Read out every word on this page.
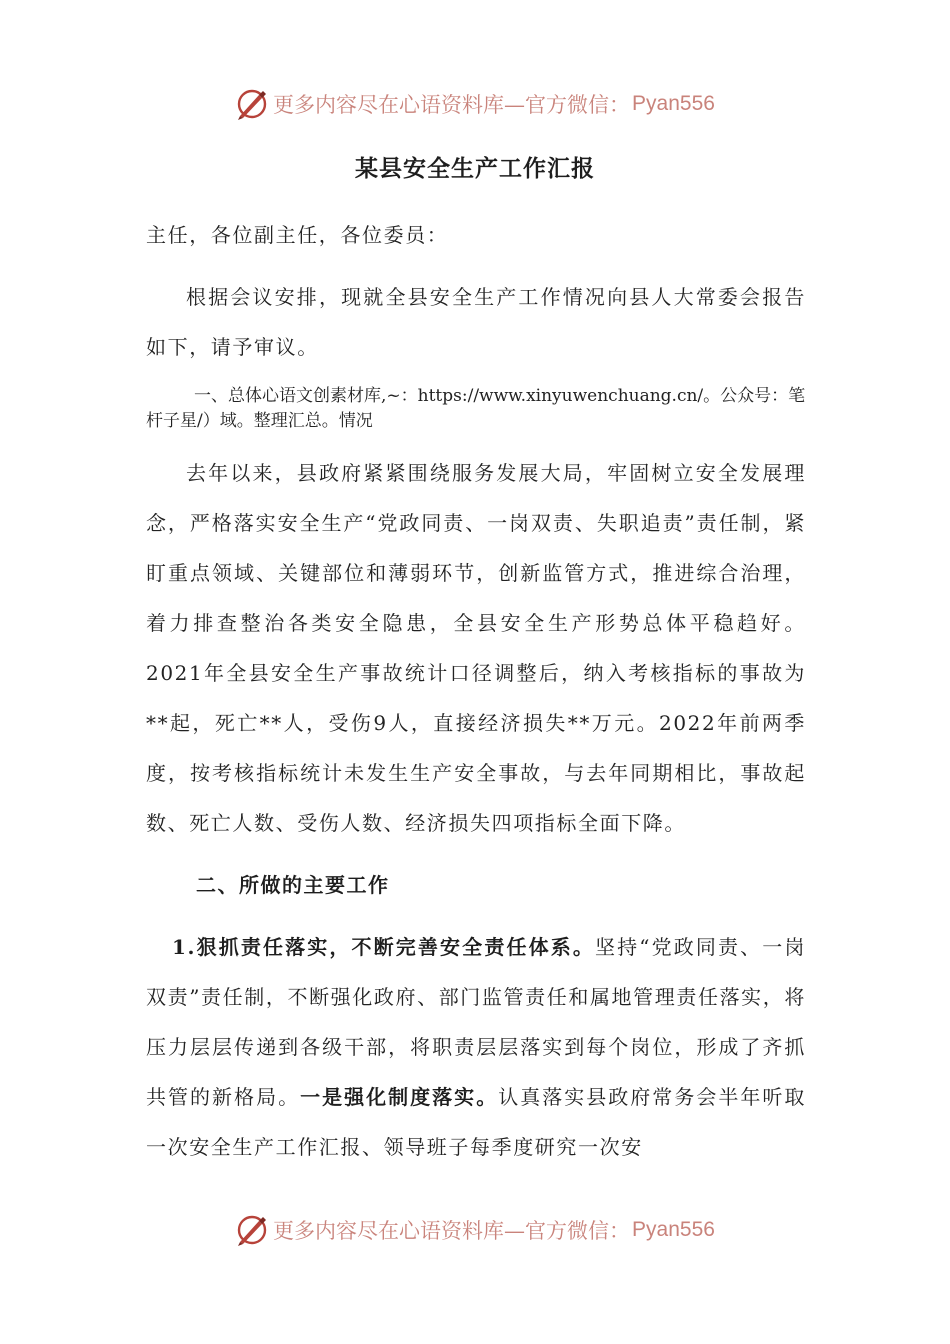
更多内容尽在心语资料库—官方微信： Pyan556
某县安全生产工作汇报
主任，各位副主任，各位委员：
根据会议安排，现就全县安全生产工作情况向县人大常委会报告如下，请予审议。
一、总体心语文创素材库,~：https://www.xinyuwenchuang.cn/。公众号：笔杆子星/）域。整理汇总。情况
去年以来，县政府紧紧围绕服务发展大局，牢固树立安全发展理念，严格落实安全生产“党政同责、一岗双责、失职追责”责任制，紧盯重点领域、关键部位和薄弱环节，创新监管方式，推进综合治理，着力排查整治各类安全隐患，全县安全生产形势总体平稳趋好。2021年全县安全生产事故统计口径调整后，纳入考核指标的事故为**起，死亡**人，受伤9人，直接经济损失**万元。2022年前两季度，按考核指标统计未发生生产安全事故，与去年同期相比，事故起数、死亡人数、受伤人数、经济损失四项指标全面下降。
二、所做的主要工作
1.狠抓责任落实，不断完善安全责任体系。坚持“党政同责、一岗双责”责任制，不断强化政府、部门监管责任和属地管理责任落实，将压力层层传递到各级干部，将职责层层落实到每个岗位，形成了齐抓共管的新格局。一是强化制度落实。认真落实县政府常务会半年听取一次安全生产工作汇报、领导班子每季度研究一次安
更多内容尽在心语资料库—官方微信： Pyan556
